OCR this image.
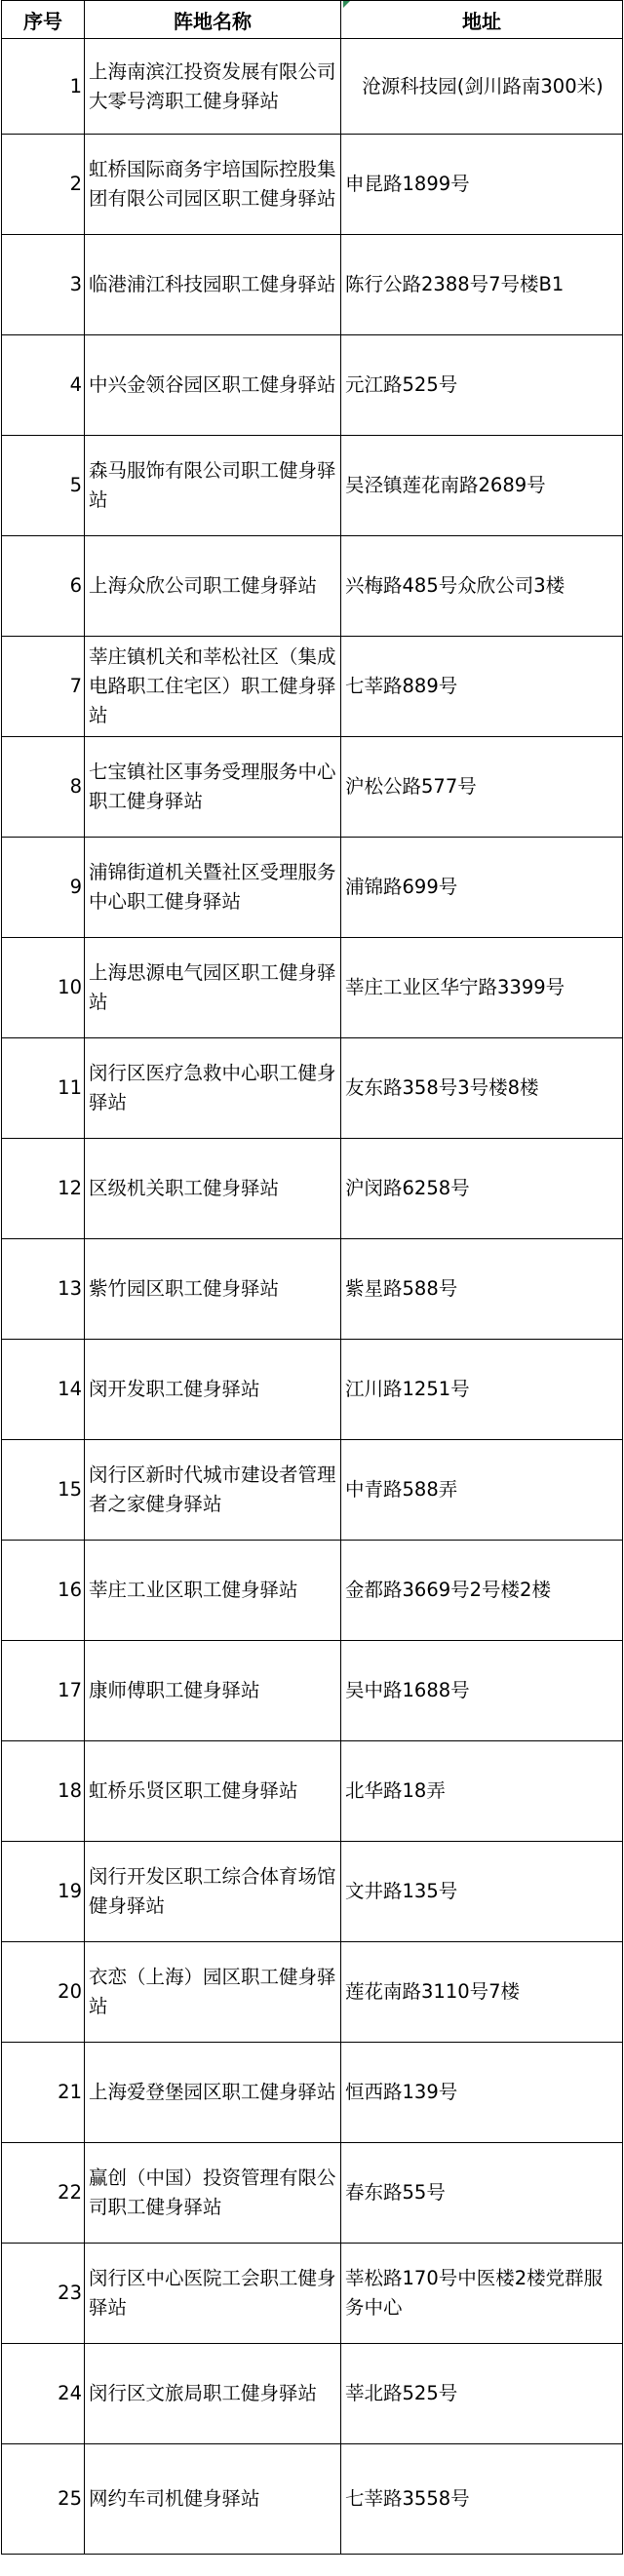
序号	阵地名称	地址
1	上海南滨江投资发展有限公司大零号湾职工健身驿站	沧源科技园(剑川路南300米)
2	虹桥国际商务宇培国际控股集团有限公司园区职工健身驿站	申昆路1899号
3	临港浦江科技园职工健身驿站	陈行公路2388号7号楼B1
4	中兴金领谷园区职工健身驿站	元江路525号
5	森马服饰有限公司职工健身驿站	吴泾镇莲花南路2689号
6	上海众欣公司职工健身驿站	兴梅路485号众欣公司3楼
7	莘庄镇机关和莘松社区（集成电路职工住宅区）职工健身驿站	七莘路889号
8	七宝镇社区事务受理服务中心职工健身驿站	沪松公路577号
9	浦锦街道机关暨社区受理服务中心职工健身驿站	浦锦路699号
10	上海思源电气园区职工健身驿站	莘庄工业区华宁路3399号
11	闵行区医疗急救中心职工健身驿站	友东路358号3号楼8楼
12	区级机关职工健身驿站	沪闵路6258号
13	紫竹园区职工健身驿站	紫星路588号
14	闵开发职工健身驿站	江川路1251号
15	闵行区新时代城市建设者管理者之家健身驿站	中青路588弄
16	莘庄工业区职工健身驿站	金都路3669号2号楼2楼
17	康师傅职工健身驿站	吴中路1688号
18	虹桥乐贤区职工健身驿站	北华路18弄
19	闵行开发区职工综合体育场馆健身驿站	文井路135号
20	衣恋（上海）园区职工健身驿站	莲花南路3110号7楼
21	上海爱登堡园区职工健身驿站	恒西路139号
22	赢创（中国）投资管理有限公司职工健身驿站	春东路55号
23	闵行区中心医院工会职工健身驿站	莘松路170号中医楼2楼党群服务中心
24	闵行区文旅局职工健身驿站	莘北路525号
25	网约车司机健身驿站	七莘路3558号
